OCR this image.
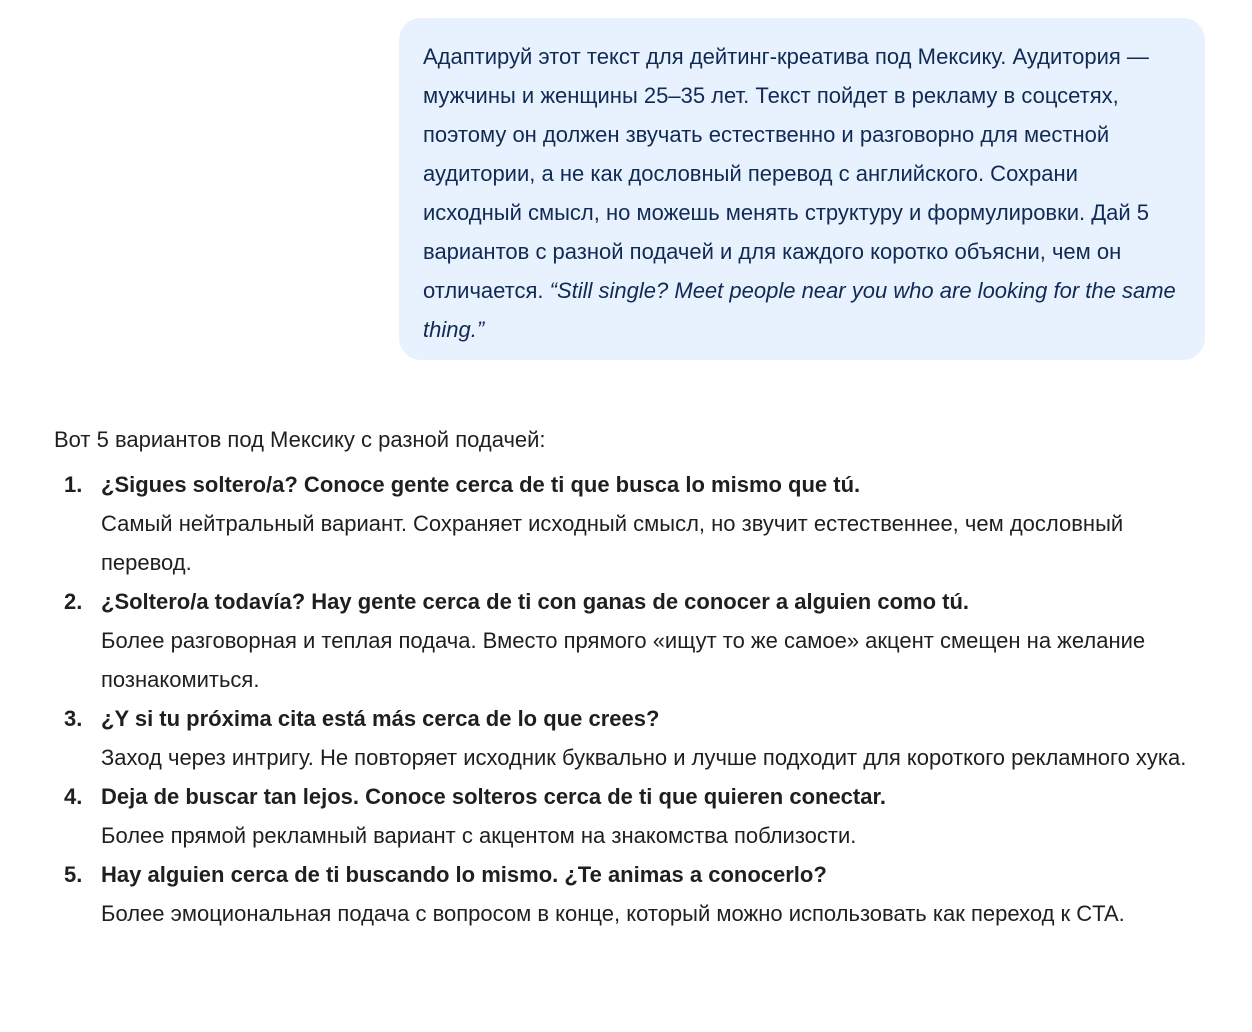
Адаптируй этот текст для дейтинг-креатива под Мексику. Аудитория — мужчины и женщины 25–35 лет. Текст пойдет в рекламу в соцсетях, поэтому он должен звучать естественно и разговорно для местной аудитории, а не как дословный перевод с английского. Сохрани исходный смысл, но можешь менять структуру и формулировки. Дай 5 вариантов с разной подачей и для каждого коротко объясни, чем он отличается. “Still single? Meet people near you who are looking for the same thing.”
Вот 5 вариантов под Мексику с разной подачей:
1. ¿Sigues soltero/a? Conoce gente cerca de ti que busca lo mismo que tú.
Самый нейтральный вариант. Сохраняет исходный смысл, но звучит естественнее, чем дословный перевод.
2. ¿Soltero/a todavía? Hay gente cerca de ti con ganas de conocer a alguien como tú.
Более разговорная и теплая подача. Вместо прямого «ищут то же самое» акцент смещен на желание познакомиться.
3. ¿Y si tu próxima cita está más cerca de lo que crees?
Заход через интригу. Не повторяет исходник буквально и лучше подходит для короткого рекламного хука.
4. Deja de buscar tan lejos. Conoce solteros cerca de ti que quieren conectar.
Более прямой рекламный вариант с акцентом на знакомства поблизости.
5. Hay alguien cerca de ti buscando lo mismo. ¿Te animas a conocerlo?
Более эмоциональная подача с вопросом в конце, который можно использовать как переход к CTA.
